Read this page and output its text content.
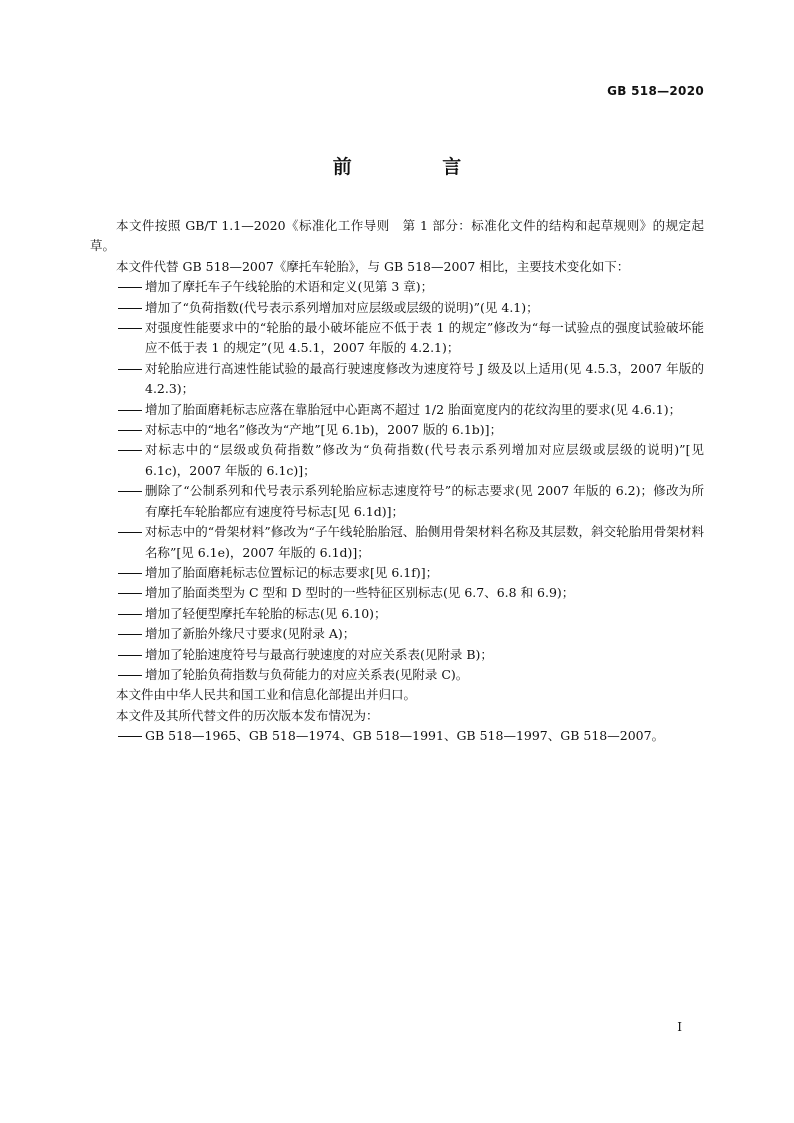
GB 518—2020
前 言

本文件按照 GB/T 1.1—2020《标准化工作导则　第 1 部分：标准化文件的结构和起草规则》的规定起草。

本文件代替 GB 518—2007《摩托车轮胎》，与 GB 518—2007 相比，主要技术变化如下：

增加了摩托车子午线轮胎的术语和定义(见第 3 章)；
增加了“负荷指数(代号表示系列增加对应层级或层级的说明)”(见 4.1)；
对强度性能要求中的“轮胎的最小破坏能应不低于表 1 的规定”修改为“每一试验点的强度试验破坏能应不低于表 1 的规定”(见 4.5.1，2007 年版的 4.2.1)；
对轮胎应进行高速性能试验的最高行驶速度修改为速度符号 J 级及以上适用(见 4.5.3，2007 年版的 4.2.3)；
增加了胎面磨耗标志应落在靠胎冠中心距离不超过 1/2 胎面宽度内的花纹沟里的要求(见 4.6.1)；
对标志中的“地名”修改为“产地”[见 6.1b)，2007 版的 6.1b)]；
对标志中的“层级或负荷指数”修改为“负荷指数(代号表示系列增加对应层级或层级的说明)”[见 6.1c)，2007 年版的 6.1c)]；
删除了“公制系列和代号表示系列轮胎应标志速度符号”的标志要求(见 2007 年版的 6.2)；修改为所有摩托车轮胎都应有速度符号标志[见 6.1d)]；
对标志中的“骨架材料”修改为“子午线轮胎胎冠、胎侧用骨架材料名称及其层数，斜交轮胎用骨架材料名称”[见 6.1e)，2007 年版的 6.1d)]；
增加了胎面磨耗标志位置标记的标志要求[见 6.1f)]；
增加了胎面类型为 C 型和 D 型时的一些特征区别标志(见 6.7、6.8 和 6.9)；
增加了轻便型摩托车轮胎的标志(见 6.10)；
增加了新胎外缘尺寸要求(见附录 A)；
增加了轮胎速度符号与最高行驶速度的对应关系表(见附录 B)；
增加了轮胎负荷指数与负荷能力的对应关系表(见附录 C)。

本文件由中华人民共和国工业和信息化部提出并归口。

本文件及其所代替文件的历次版本发布情况为：

GB 518—1965、GB 518—1974、GB 518—1991、GB 518—1997、GB 518—2007。
I
